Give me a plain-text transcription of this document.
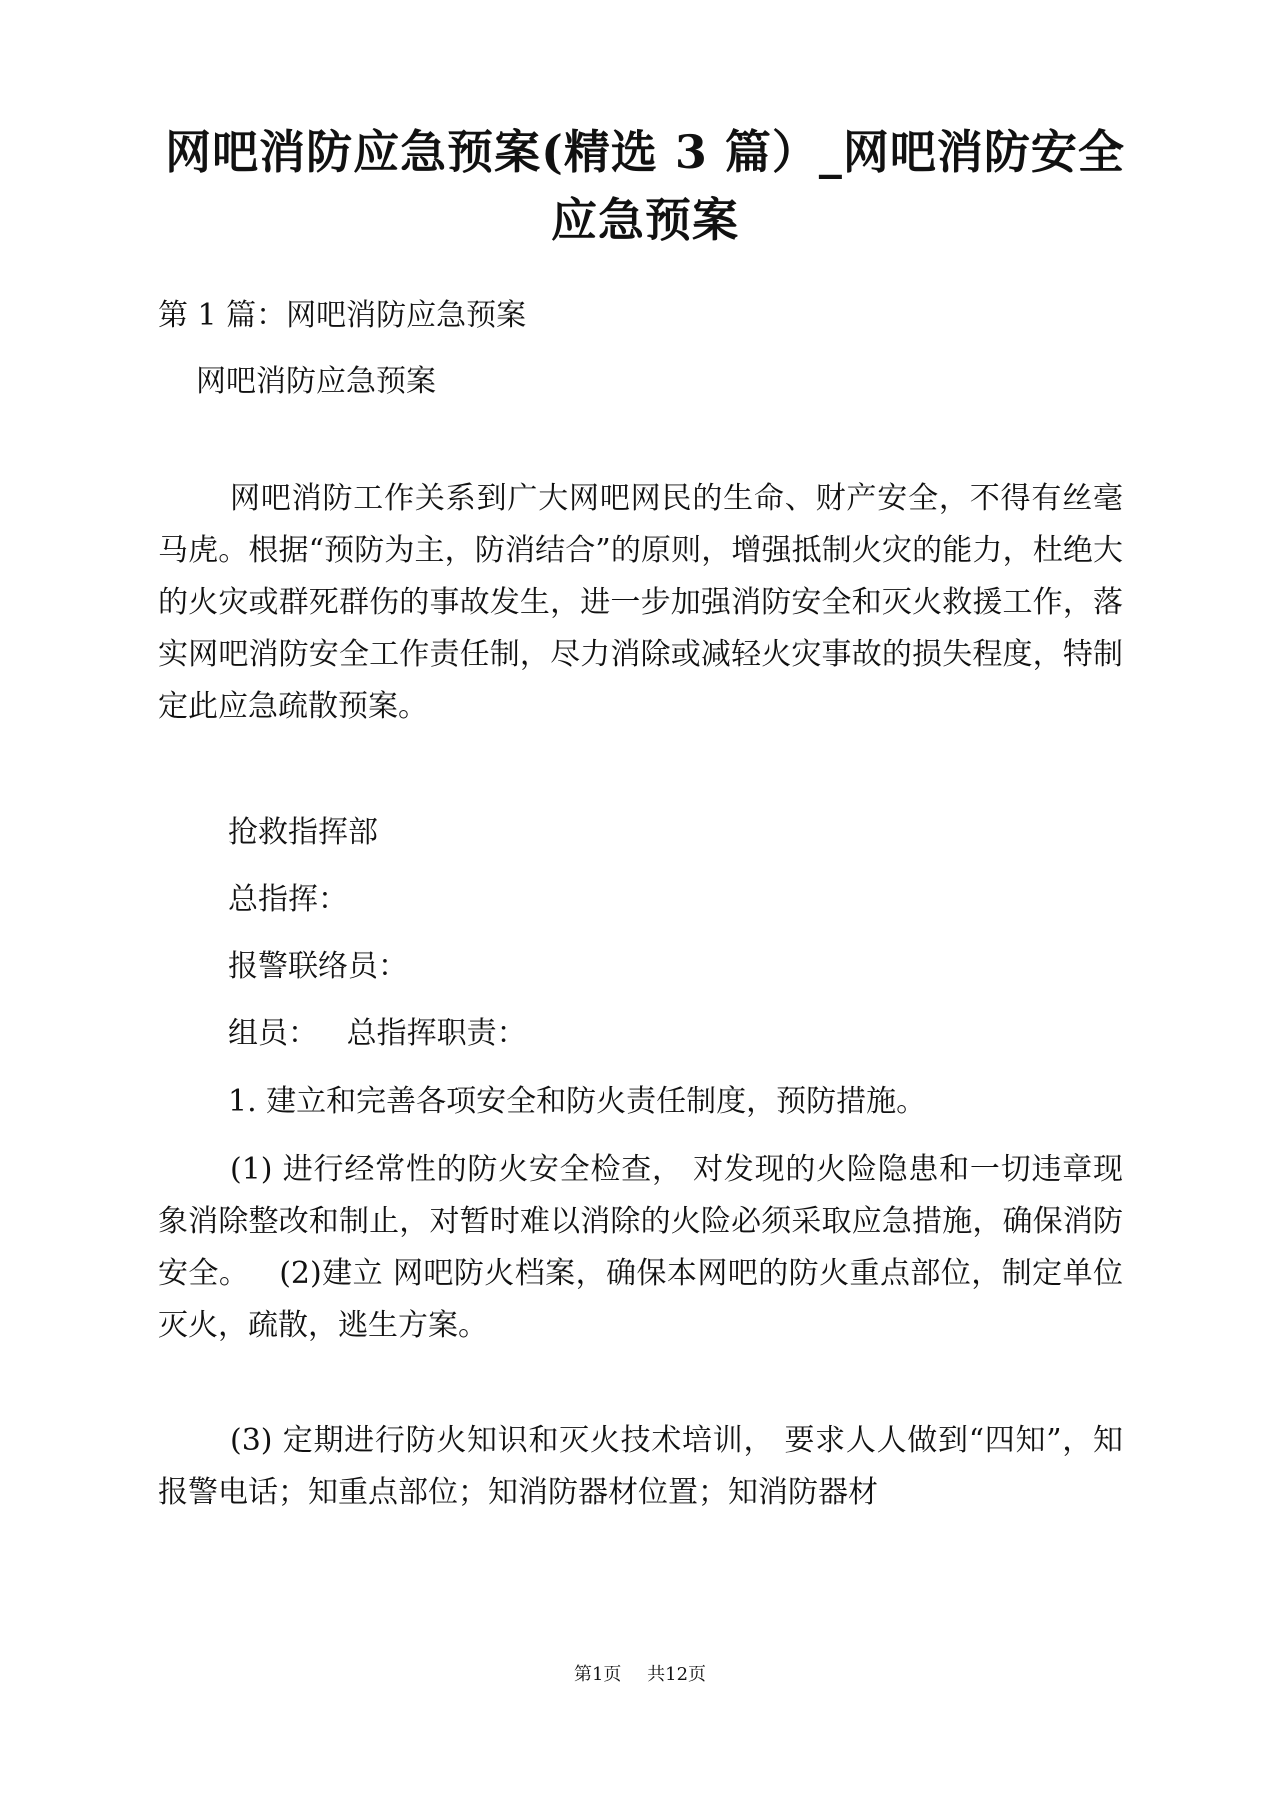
网吧消防应急预案(精选 3 篇）_网吧消防安全应急预案
第 1 篇：网吧消防应急预案
网吧消防应急预案
网吧消防工作关系到广大网吧网民的生命、财产安全，不得有丝毫马虎。根据“预防为主，防消结合”的原则，增强抵制火灾的能力，杜绝大的火灾或群死群伤的事故发生，进一步加强消防安全和灭火救援工作，落实网吧消防安全工作责任制，尽力消除或减轻火灾事故的损失程度，特制定此应急疏散预案。
抢救指挥部
总指挥：
报警联络员：
组员：   总指挥职责：
1. 建立和完善各项安全和防火责任制度，预防措施。
(1) 进行经常性的防火安全检查， 对发现的火险隐患和一切违章现象消除整改和制止，对暂时难以消除的火险必须采取应急措施，确保消防安全。   (2)建立 网吧防火档案，确保本网吧的防火重点部位，制定单位灭火，疏散，逃生方案。
(3) 定期进行防火知识和灭火技术培训， 要求人人做到“四知”，知报警电话；知重点部位；知消防器材位置；知消防器材
第1页 共12页
